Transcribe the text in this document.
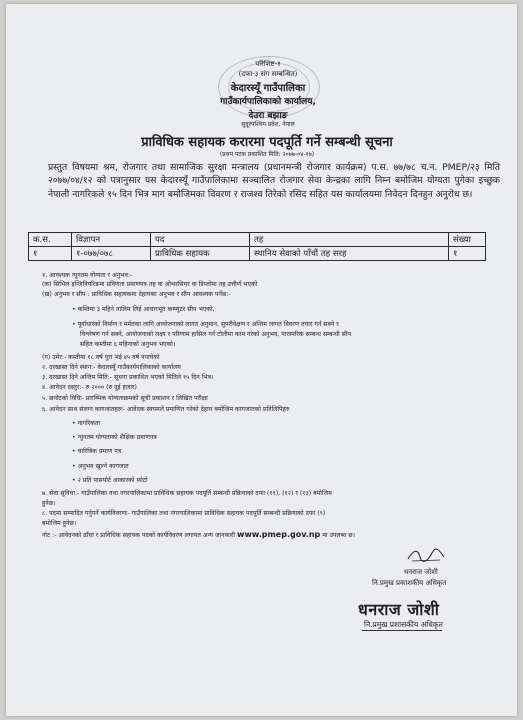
परिशिष्ट-१
(दफा-३ संग सम्बन्धित)
केदारस्यूँ गाउँपालिका
गाउँकार्यपालिकाको कार्यालय,
देउरा बझाङ
सुदूरपश्चिम प्रदेश, नेपाल
प्राविधिक सहायक करारमा पदपूर्ति गर्ने सम्बन्धी सूचना
(प्रथम पटक प्रकाशित मिति: २०७७-०४-१७)
प्रस्तुत विषयमा श्रम, रोजगार तथा सामाजिक सुरक्षा मन्त्रालय (प्रधानमन्त्री रोजगार कार्यक्रम) प.स. ७७/७८ च.न. PMEP/२३ मिति २०७७/०४/१२ को पत्रानुसार यस केदारस्यूँ गाउँपालिकामा सञ्चालित रोजगार सेवा केन्द्रका लागि निम्न बमोजिम योग्यता पुगेका इच्छुक नेपाली नागरिकले १५ दिन भित्र माग बमोजिमका विवरण र राजश्व तिरेको रसिद सहित यस कार्यालयमा निवेदन दिनहुन अनुरोध छ।
क.स.	विज्ञापन	पद	तह	संख्या
१	१-०७७/०७८	प्राविधिक सहायक	स्थानिय सेवाको पाँचौं तह सरह	१
१. आवश्यक न्यूनतम योग्यता र अनुभव:-
(क) सिभिल इन्जिनियरिङमा प्रविणता प्रमाणपत्र तह वा ओभरसियर वा डिप्लोमा तह उत्तीर्ण भएको
(ख) अनुभव र सीप : प्राविधिक सहायकमा देहायका अनुभव र सीप आवश्यक पर्नेछ:-
• कम्तिमा ३ महिने तालिम लिई आधारभूत कम्प्युटर सीप भएको,
• पूर्वाधारको निर्माण र मर्मतका लागि आयोजनाको लागत अनुमान, सुपरीवेक्षण र अन्तिम लागत विवरण तयार गर्न सक्ने र
विश्लेषण गर्न सक्ने, आयोजनाको लक्ष्य र परिणाम हासिल गर्न टोलीमा काम गरेको अनुभव, पारस्परिक सम्बन्ध सम्बन्धी सीप
सहित कम्तीमा ६ महिनाको अनुभव भएको।
(ग) उमेर:- कम्तीमा १८ वर्ष पुरा भई ४५ वर्ष ननाघेको
२. दरखास्त दिने स्थान:- केदारस्यूँ गाउँकार्यपालिकाको कार्यालय
३. दरखास्त दिने अन्तिम मिति:- सूचना प्रकाशित भएको मितिले १५ दिन भित्र।
४. आवेदन दस्तुर:- रु २००० (रु दुई हजार)
५. छनोटको विधिः- प्रारम्भिक योग्यताक्रमको सूची प्रकाशन र लिखित परीक्षा
६. आवेदन साथ संलग्न कागजातहरुः- आवेदक स्वयमले प्रमाणित गरेको देहाय बमोजिम कागजातको प्रतिलिपिहरु
• नागरिकता
• न्युनतम योग्यताको शैक्षिक प्रमाणपत्र
• चारित्रिक प्रमाण पत्र
• अनुभव खुल्ने कागजात
• २ प्रति पासपोर्ट आकारको फोटो
७. सेवा सुविधा:- गाउँपालिका तथा नगरपालिकामा प्राविधिक सहायक पदपूर्ति सम्बन्धी प्रक्रियाको दफा (११), (१२) र (१३) बमोजिम
हुनेछ।
८. पदमा सम्पादित गर्नुपर्ने कार्यविवरणः- गाउँपालिका तथा नगरपालिकामा प्राविधिक सहायक पदपूर्ति सम्बन्धी प्रक्रियाको दफा (९)
बमोजिम हुनेछ।
नोट :- आवेदनको ढाँचा र प्राविधिक सहायक पदको कार्यविवरण लगायत अन्य जानकारी www.pmep.gov.np मा उपलब्ध छ।
धनराज जोशी
नि.प्रमुख प्रकाशकीय अधिकृत
धनराज जोशी
नि.प्रमुख प्रशासकीय अधिकृत
